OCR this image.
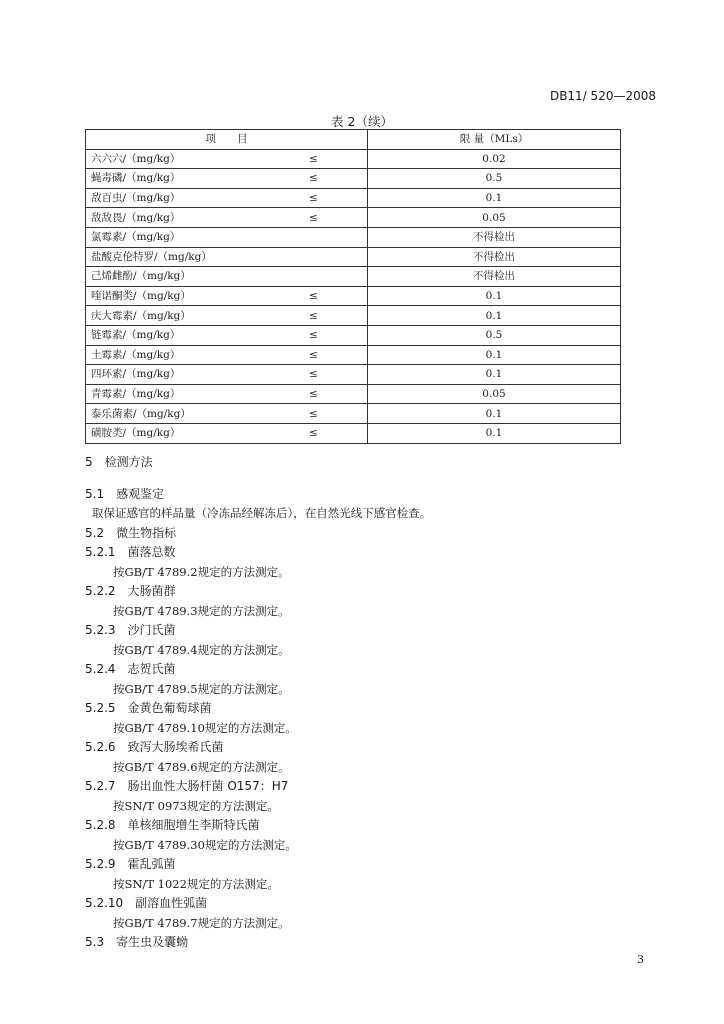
DB11/ 520—2008
表 2（续）
项　　目		限 量（MLs）
六六六/（mg/kg）	≤	0.02
蝇毒磷/（mg/kg）	≤	0.5
敌百虫/（mg/kg）	≤	0.1
敌敌畏/（mg/kg）	≤	0.05
氯霉素/（mg/kg）		不得检出
盐酸克伦特罗/（mg/kg）		不得检出
己烯雌酚/（mg/kg）		不得检出
喹诺酮类/（mg/kg）	≤	0.1
庆大霉素/（mg/kg）	≤	0.1
链霉素/（mg/kg）	≤	0.5
土霉素/（mg/kg）	≤	0.1
四环素/（mg/kg）	≤	0.1
青霉素/（mg/kg）	≤	0.05
泰乐菌素/（mg/kg）	≤	0.1
磺胺类/（mg/kg）	≤	0.1
5　检测方法
5.1　感观鉴定
取保证感官的样品量（冷冻品经解冻后），在自然光线下感官检查。
5.2　微生物指标
5.2.1　菌落总数
按GB/T 4789.2规定的方法测定。
5.2.2　大肠菌群
按GB/T 4789.3规定的方法测定。
5.2.3　沙门氏菌
按GB/T 4789.4规定的方法测定。
5.2.4　志贺氏菌
按GB/T 4789.5规定的方法测定。
5.2.5　金黄色葡萄球菌
按GB/T 4789.10规定的方法测定。
5.2.6　致泻大肠埃希氏菌
按GB/T 4789.6规定的方法测定。
5.2.7　肠出血性大肠杆菌 O157：H7
按SN/T 0973规定的方法测定。
5.2.8　单核细胞增生李斯特氏菌
按GB/T 4789.30规定的方法测定。
5.2.9　霍乱弧菌
按SN/T 1022规定的方法测定。
5.2.10　副溶血性弧菌
按GB/T 4789.7规定的方法测定。
5.3　寄生虫及囊蚴
3
